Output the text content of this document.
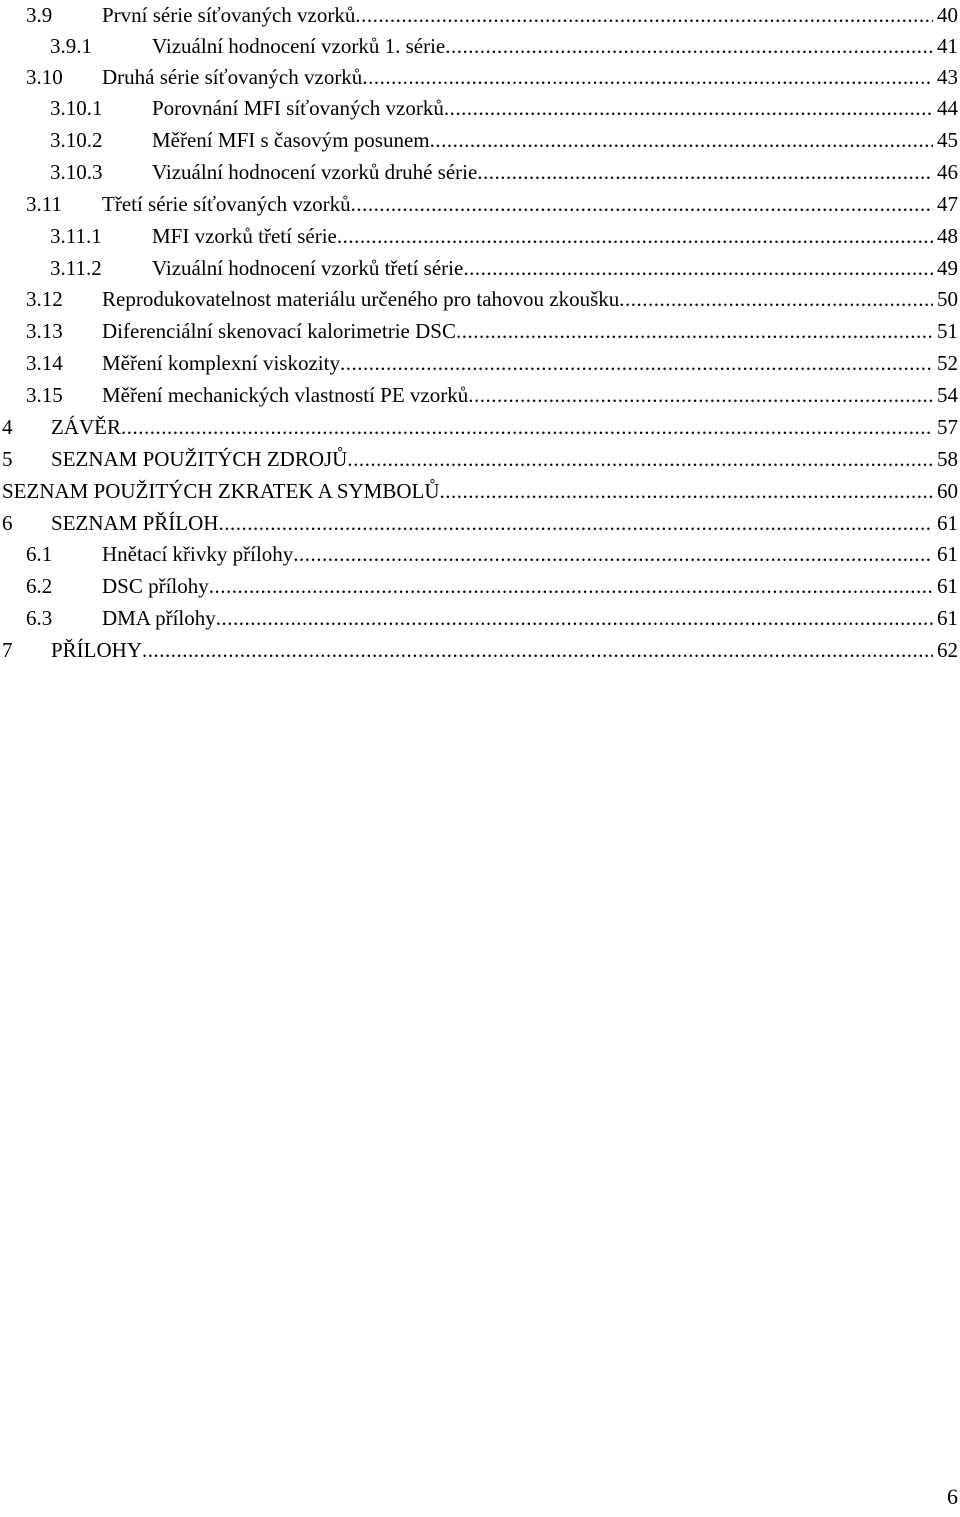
3.9 První série síťovaných vzorků .....	40
3.9.1	Vizuální hodnocení vzorků 1. série .....	41
3.10 Druhá série síťovaných vzorků .....	43
3.10.1 Porovnání MFI síťovaných vzorků .....	44
3.10.2 Měření MFI s časovým posunem .....	45
3.10.3 Vizuální hodnocení vzorků druhé série .....	46
3.11 Třetí série síťovaných vzorků .....	47
3.11.1 MFI vzorků třetí série .....	48
3.11.2 Vizuální hodnocení vzorků třetí série .....	49
3.12 Reprodukovatelnost materiálu určeného pro tahovou zkoušku .....	50
3.13 Diferenciální skenovací kalorimetrie DSC .....	51
3.14 Měření komplexní viskozity .....	52
3.15 Měření mechanických vlastností PE vzorků .....	54
4 ZÁVĚR .....	57
5 SEZNAM POUŽITÝCH ZDROJŮ .....	58
SEZNAM POUŽITÝCH ZKRATEK A SYMBOLŮ .....	60
6 SEZNAM PŘÍLOH .....	61
6.1 Hnětací křivky přílohy .....	61
6.2 DSC přílohy .....	61
6.3 DMA přílohy .....	61
7 PŘÍLOHY .....	62
6
